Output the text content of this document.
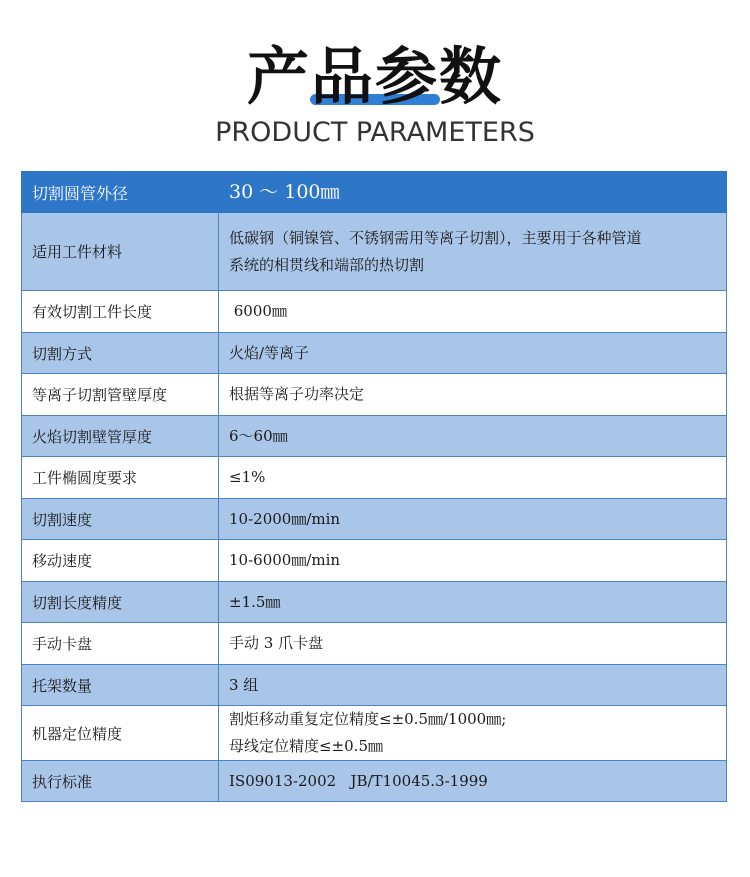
产品参数
PRODUCT PARAMETERS
切割圆管外径	30 ～ 100㎜
适用工件材料	低碳钢（铜镍管、不锈钢需用等离子切割），主要用于各种管道
系统的相贯线和端部的热切割

有效切割工件长度	6000㎜
切割方式	火焰/等离子
等离子切割管壁厚度	根据等离子功率决定
火焰切割壁管厚度	6～60㎜
工件椭圆度要求	≤1%
切割速度	10-2000㎜/min
移动速度	10-6000㎜/min
切割长度精度	±1.5㎜
手动卡盘	手动 3 爪卡盘
托架数量	3 组
机器定位精度	割炬移动重复定位精度≤±0.5㎜/1000㎜;
母线定位精度≤±0.5㎜

执行标准	IS09013-2002   JB/T10045.3-1999
